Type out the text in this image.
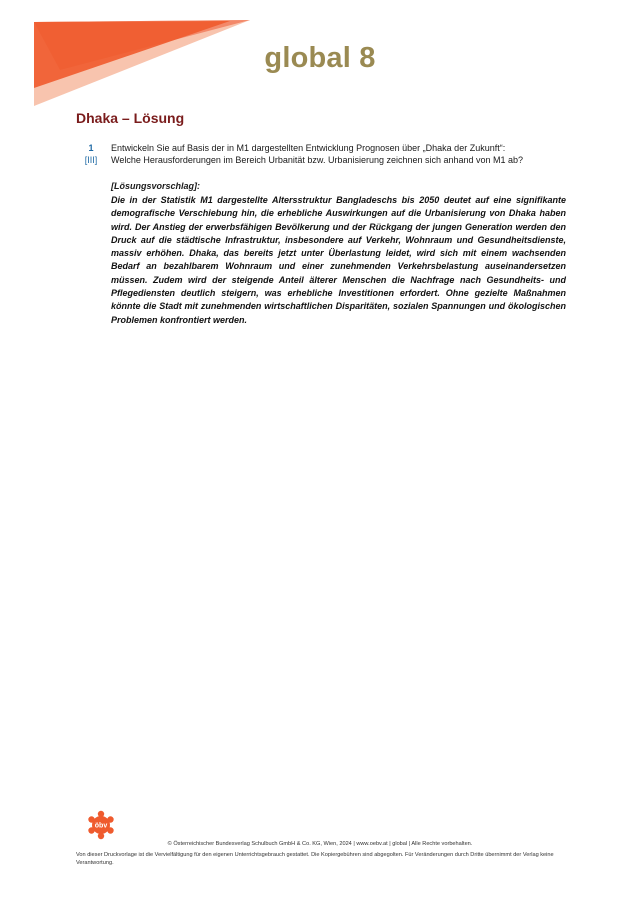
global 8
Dhaka – Lösung
1
[III]
Entwickeln Sie auf Basis der in M1 dargestellten Entwicklung Prognosen über „Dhaka der Zukunft“:
Welche Herausforderungen im Bereich Urbanität bzw. Urbanisierung zeichnen sich anhand von M1 ab?
[Lösungsvorschlag]:
Die in der Statistik M1 dargestellte Altersstruktur Bangladeschs bis 2050 deutet auf eine signifikante demografische Verschiebung hin, die erhebliche Auswirkungen auf die Urbanisierung von Dhaka haben wird. Der Anstieg der erwerbsfähigen Bevölkerung und der Rückgang der jungen Generation werden den Druck auf die städtische Infrastruktur, insbesondere auf Verkehr, Wohnraum und Gesundheitsdienste, massiv erhöhen. Dhaka, das bereits jetzt unter Überlastung leidet, wird sich mit einem wachsenden Bedarf an bezahlbarem Wohnraum und einer zunehmenden Verkehrsbelastung auseinandersetzen müssen. Zudem wird der steigende Anteil älterer Menschen die Nachfrage nach Gesundheits- und Pflegediensten deutlich steigern, was erhebliche Investitionen erfordert. Ohne gezielte Maßnahmen könnte die Stadt mit zunehmenden wirtschaftlichen Disparitäten, sozialen Spannungen und ökologischen Problemen konfrontiert werden.
öbv
© Österreichischer Bundesverlag Schulbuch GmbH & Co. KG, Wien, 2024 | www.oebv.at | global | Alle Rechte vorbehalten.
Von dieser Druckvorlage ist die Vervielfältigung für den eigenen Unterrichtsgebrauch gestattet. Die Kopiergebühren sind abgegolten. Für Veränderungen durch Dritte übernimmt der Verlag keine Verantwortung.
